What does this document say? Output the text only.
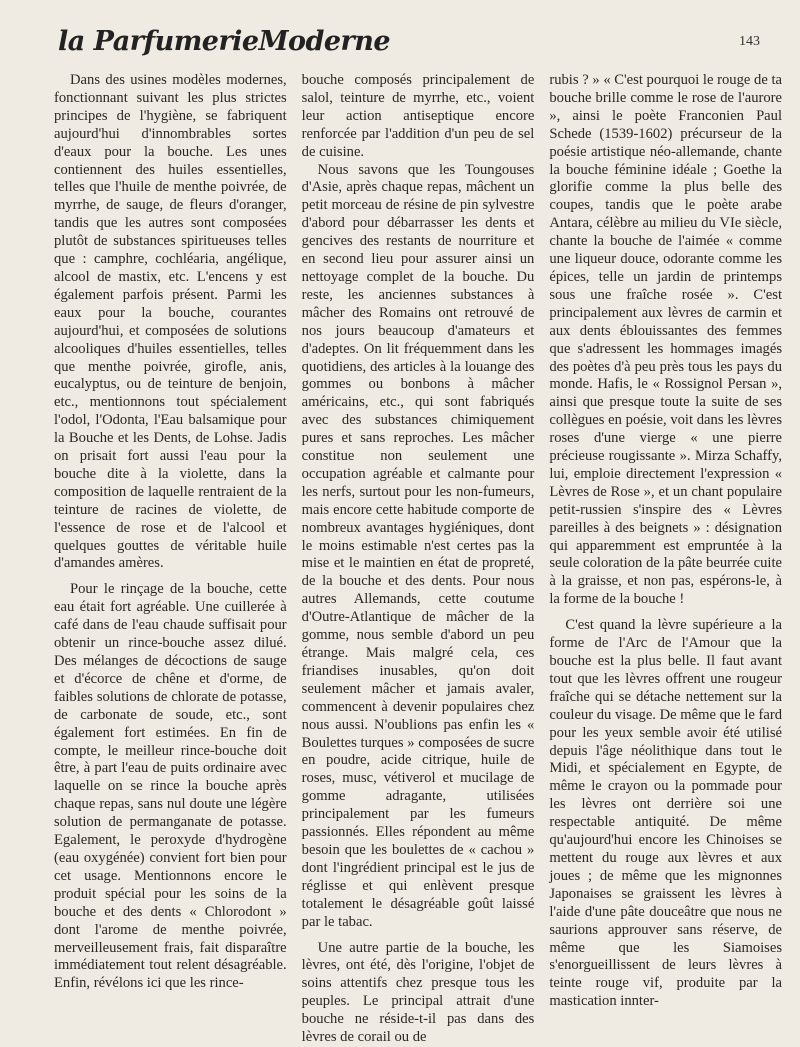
la ParfumerieModerne	143

Dans des usines modèles modernes, fonctionnant suivant les plus strictes principes de l'hygiène, se fabriquent aujourd'hui d'innombrables sortes d'eaux pour la bouche. Les unes contiennent des huiles essentielles, telles que l'huile de menthe poivrée, de myrrhe, de sauge, de fleurs d'oranger, tandis que les autres sont composées plutôt de substances spiritueuses telles que : camphre, cochléaria, angélique, alcool de mastix, etc. L'encens y est également parfois présent. Parmi les eaux pour la bouche, courantes aujourd'hui, et composées de solutions alcooliques d'huiles essentielles, telles que menthe poivrée, girofle, anis, eucalyptus, ou de teinture de benjoin, etc., mentionnons tout spécialement l'odol, l'Odonta, l'Eau balsamique pour la Bouche et les Dents, de Lohse. Jadis on prisait fort aussi l'eau pour la bouche dite à la violette, dans la composition de laquelle rentraient de la teinture de racines de violette, de l'essence de rose et de l'alcool et quelques gouttes de véritable huile d'amandes amères.

Pour le rinçage de la bouche, cette eau était fort agréable. Une cuillerée à café dans de l'eau chaude suffisait pour obtenir un rince-bouche assez dilué. Des mélanges de décoctions de sauge et d'écorce de chêne et d'orme, de faibles solutions de chlorate de potasse, de carbonate de soude, etc., sont également fort estimées. En fin de compte, le meilleur rince-bouche doit être, à part l'eau de puits ordinaire avec laquelle on se rince la bouche après chaque repas, sans nul doute une légère solution de permanganate de potasse. Egalement, le peroxyde d'hydrogène (eau oxygénée) convient fort bien pour cet usage. Mentionnons encore le produit spécial pour les soins de la bouche et des dents « Chlorodont » dont l'arome de menthe poivrée, merveilleusement frais, fait disparaître immédiatement tout relent désagréable. Enfin, révélons ici que les rince-

bouche composés principalement de salol, teinture de myrrhe, etc., voient leur action antiseptique encore renforcée par l'addition d'un peu de sel de cuisine.

Nous savons que les Toungouses d'Asie, après chaque repas, mâchent un petit morceau de résine de pin sylvestre d'abord pour débarrasser les dents et gencives des restants de nourriture et en second lieu pour assurer ainsi un nettoyage complet de la bouche. Du reste, les anciennes substances à mâcher des Romains ont retrouvé de nos jours beaucoup d'amateurs et d'adeptes. On lit fréquemment dans les quotidiens, des articles à la louange des gommes ou bonbons à mâcher américains, etc., qui sont fabriqués avec des substances chimiquement pures et sans reproches. Les mâcher constitue non seulement une occupation agréable et calmante pour les nerfs, surtout pour les non-fumeurs, mais encore cette habitude comporte de nombreux avantages hygiéniques, dont le moins estimable n'est certes pas la mise et le maintien en état de propreté, de la bouche et des dents. Pour nous autres Allemands, cette coutume d'Outre-Atlantique de mâcher de la gomme, nous semble d'abord un peu étrange. Mais malgré cela, ces friandises inusables, qu'on doit seulement mâcher et jamais avaler, commencent à devenir populaires chez nous aussi. N'oublions pas enfin les « Boulettes turques » composées de sucre en poudre, acide citrique, huile de roses, musc, vétiverol et mucilage de gomme adragante, utilisées principalement par les fumeurs passionnés. Elles répondent au même besoin que les boulettes de « cachou » dont l'ingrédient principal est le jus de réglisse et qui enlèvent presque totalement le désagréable goût laissé par le tabac.

Une autre partie de la bouche, les lèvres, ont été, dès l'origine, l'objet de soins attentifs chez presque tous les peuples. Le principal attrait d'une bouche ne réside-t-il pas dans des lèvres de corail ou de

rubis ? » « C'est pourquoi le rouge de ta bouche brille comme le rose de l'aurore », ainsi le poète Franconien Paul Schede (1539-1602) précurseur de la poésie artistique néo-allemande, chante la bouche féminine idéale ; Goethe la glorifie comme la plus belle des coupes, tandis que le poète arabe Antara, célèbre au milieu du VIe siècle, chante la bouche de l'aimée « comme une liqueur douce, odorante comme les épices, telle un jardin de printemps sous une fraîche rosée ». C'est principalement aux lèvres de carmin et aux dents éblouissantes des femmes que s'adressent les hommages imagés des poètes d'à peu près tous les pays du monde. Hafis, le « Rossignol Persan », ainsi que presque toute la suite de ses collègues en poésie, voit dans les lèvres roses d'une vierge « une pierre précieuse rougissante ». Mirza Schaffy, lui, emploie directement l'expression « Lèvres de Rose », et un chant populaire petit-russien s'inspire des « Lèvres pareilles à des beignets » : désignation qui apparemment est empruntée à la seule coloration de la pâte beurrée cuite à la graisse, et non pas, espérons-le, à la forme de la bouche !

C'est quand la lèvre supérieure a la forme de l'Arc de l'Amour que la bouche est la plus belle. Il faut avant tout que les lèvres offrent une rougeur fraîche qui se détache nettement sur la couleur du visage. De même que le fard pour les yeux semble avoir été utilisé depuis l'âge néolithique dans tout le Midi, et spécialement en Egypte, de même le crayon ou la pommade pour les lèvres ont derrière soi une respectable antiquité. De même qu'aujourd'hui encore les Chinoises se mettent du rouge aux lèvres et aux joues ; de même que les mignonnes Japonaises se graissent les lèvres à l'aide d'une pâte douceâtre que nous ne saurions approuver sans réserve, de même que les Siamoises s'enorgueillissent de leurs lèvres à teinte rouge vif, produite par la mastication innter-
